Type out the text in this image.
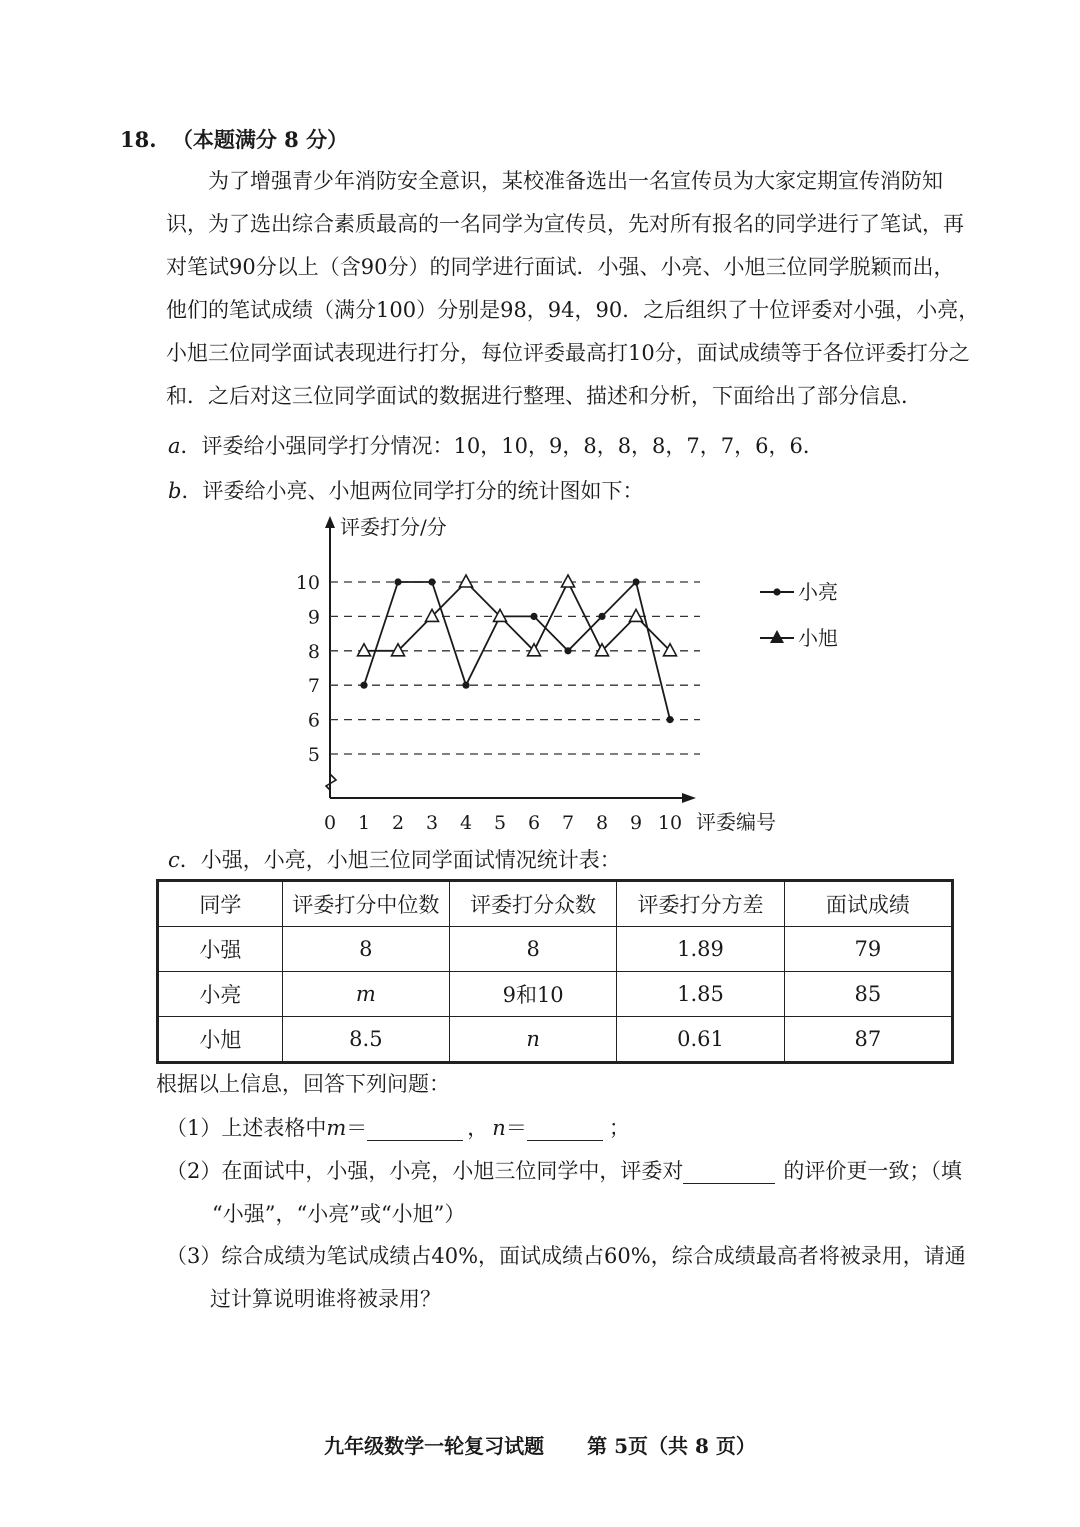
18. （本题满分 8 分）
为了增强青少年消防安全意识，某校准备选出一名宣传员为大家定期宣传消防知
识，为了选出综合素质最高的一名同学为宣传员，先对所有报名的同学进行了笔试，再
对笔试90分以上（含90分）的同学进行面试．小强、小亮、小旭三位同学脱颖而出，
他们的笔试成绩（满分100）分别是98，94，90．之后组织了十位评委对小强，小亮，
小旭三位同学面试表现进行打分，每位评委最高打10分，面试成绩等于各位评委打分之
和．之后对这三位同学面试的数据进行整理、描述和分析，下面给出了部分信息．
a．评委给小强同学打分情况：10，10，9，8，8，8，7，7，6，6．
b．评委给小亮、小旭两位同学打分的统计图如下：
5
6
7
8
9
10
0 1 2 3 4 5 6 7 8 9 10
评委打分/分
评委编号
小亮
小旭
c．小强，小亮，小旭三位同学面试情况统计表：
同学	评委打分中位数	评委打分众数	评委打分方差	面试成绩
小强	8	8	1.89	79
小亮	m	9和10	1.85	85
小旭	8.5	n	0.61	87
根据以上信息，回答下列问题：
（1）上述表格中m＝	， n＝	；
（2）在面试中，小强，小亮，小旭三位同学中，评委对	的评价更一致；（填
“小强”，“小亮”或“小旭”）
（3）综合成绩为笔试成绩占40%，面试成绩占60%，综合成绩最高者将被录用，请通
过计算说明谁将被录用？
九年级数学一轮复习试题 第 5页（共 8 页）
